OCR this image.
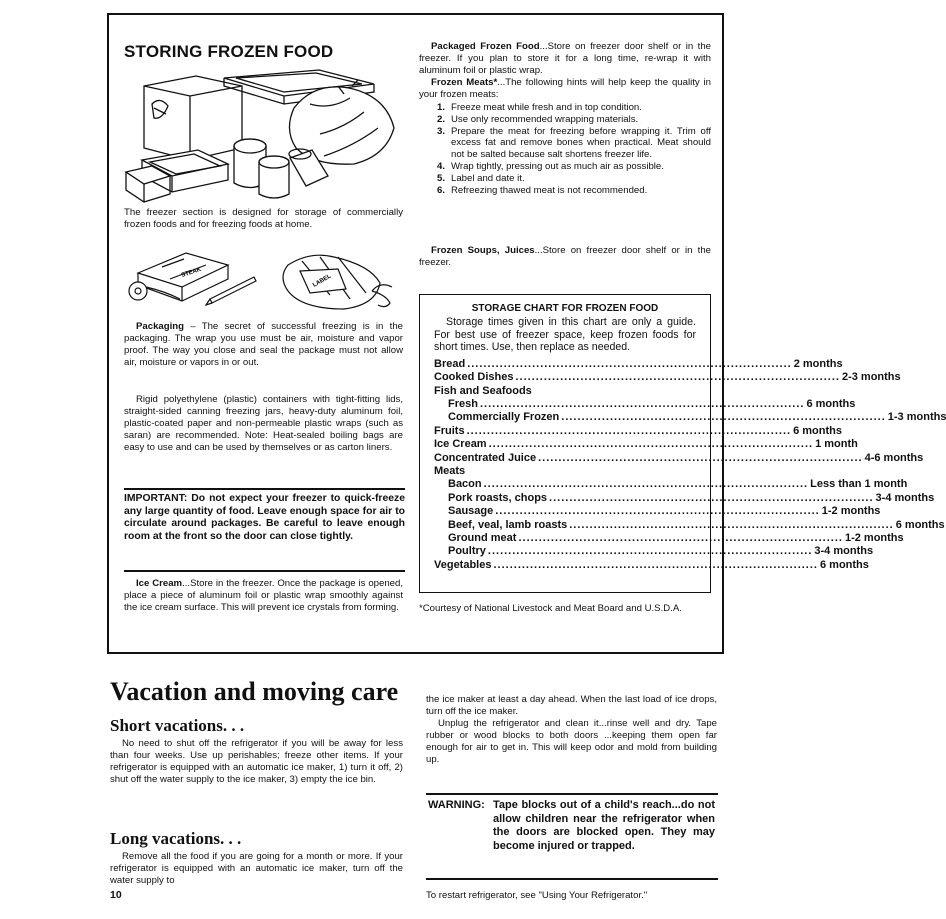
STORING FROZEN FOOD
The freezer section is designed for storage of commercially frozen foods and for freezing foods at home.
STEAK
LABEL
Packaging – The secret of successful freezing is in the packaging. The wrap you use must be air, moisture and vapor proof. The way you close and seal the package must not allow air, moisture or vapors in or out.
Rigid polyethylene (plastic) containers with tight-fitting lids, straight-sided canning freezing jars, heavy-duty aluminum foil, plastic-coated paper and non-permeable plastic wraps (such as saran) are recommended. Note: Heat-sealed boiling bags are easy to use and can be used by themselves or as carton liners.
IMPORTANT: Do not expect your freezer to quick-freeze any large quantity of food. Leave enough space for air to circulate around packages. Be careful to leave enough room at the front so the door can close tightly.
Ice Cream...Store in the freezer. Once the package is opened, place a piece of aluminum foil or plastic wrap smoothly against the ice cream surface. This will prevent ice crystals from forming.
Packaged Frozen Food...Store on freezer door shelf or in the freezer. If you plan to store it for a long time, re-wrap it with aluminum foil or plastic wrap.
Frozen Meats*...The following hints will help keep the quality in your frozen meats:
1. Freeze meat while fresh and in top condition.
2. Use only recommended wrapping materials.
3. Prepare the meat for freezing before wrapping it. Trim off excess fat and remove bones when practical. Meat should not be salted because salt shortens freezer life.
4. Wrap tightly, pressing out as much air as possible.
5. Label and date it.
6. Refreezing thawed meat is not recommended.
Frozen Soups, Juices...Store on freezer door shelf or in the freezer.
STORAGE CHART FOR FROZEN FOOD
Storage times given in this chart are only a guide. For best use of freezer space, keep frozen foods for short times. Use, then replace as needed.
Bread ................................................................................ 2 months
Cooked Dishes ................................................................................ 2-3 months
Fish and Seafoods
Fresh ................................................................................ 6 months
Commercially Frozen ................................................................................ 1-3 months
Fruits ................................................................................ 6 months
Ice Cream ................................................................................ 1 month
Concentrated Juice ................................................................................ 4-6 months
Meats
Bacon ................................................................................ Less than 1 month
Pork roasts, chops ................................................................................ 3-4 months
Sausage ................................................................................ 1-2 months
Beef, veal, lamb roasts ................................................................................ 6 months
Ground meat ................................................................................ 1-2 months
Poultry ................................................................................ 3-4 months
Vegetables ................................................................................ 6 months
*Courtesy of National Livestock and Meat Board and U.S.D.A.
Vacation and moving care
Short vacations. . .
No need to shut off the refrigerator if you will be away for less than four weeks. Use up perishables; freeze other items. If your refrigerator is equipped with an automatic ice maker, 1) turn it off, 2) shut off the water supply to the ice maker, 3) empty the ice bin.
Long vacations. . .
Remove all the food if you are going for a month or more. If your refrigerator is equipped with an automatic ice maker, turn off the water supply to
10
the ice maker at least a day ahead. When the last load of ice drops, turn off the ice maker.
Unplug the refrigerator and clean it...rinse well and dry. Tape rubber or wood blocks to both doors ...keeping them open far enough for air to get in. This will keep odor and mold from building up.
WARNING: Tape blocks out of a child's reach...do not allow children near the refrigerator when the doors are blocked open. They may become injured or trapped.
To restart refrigerator, see "Using Your Refrigerator."
